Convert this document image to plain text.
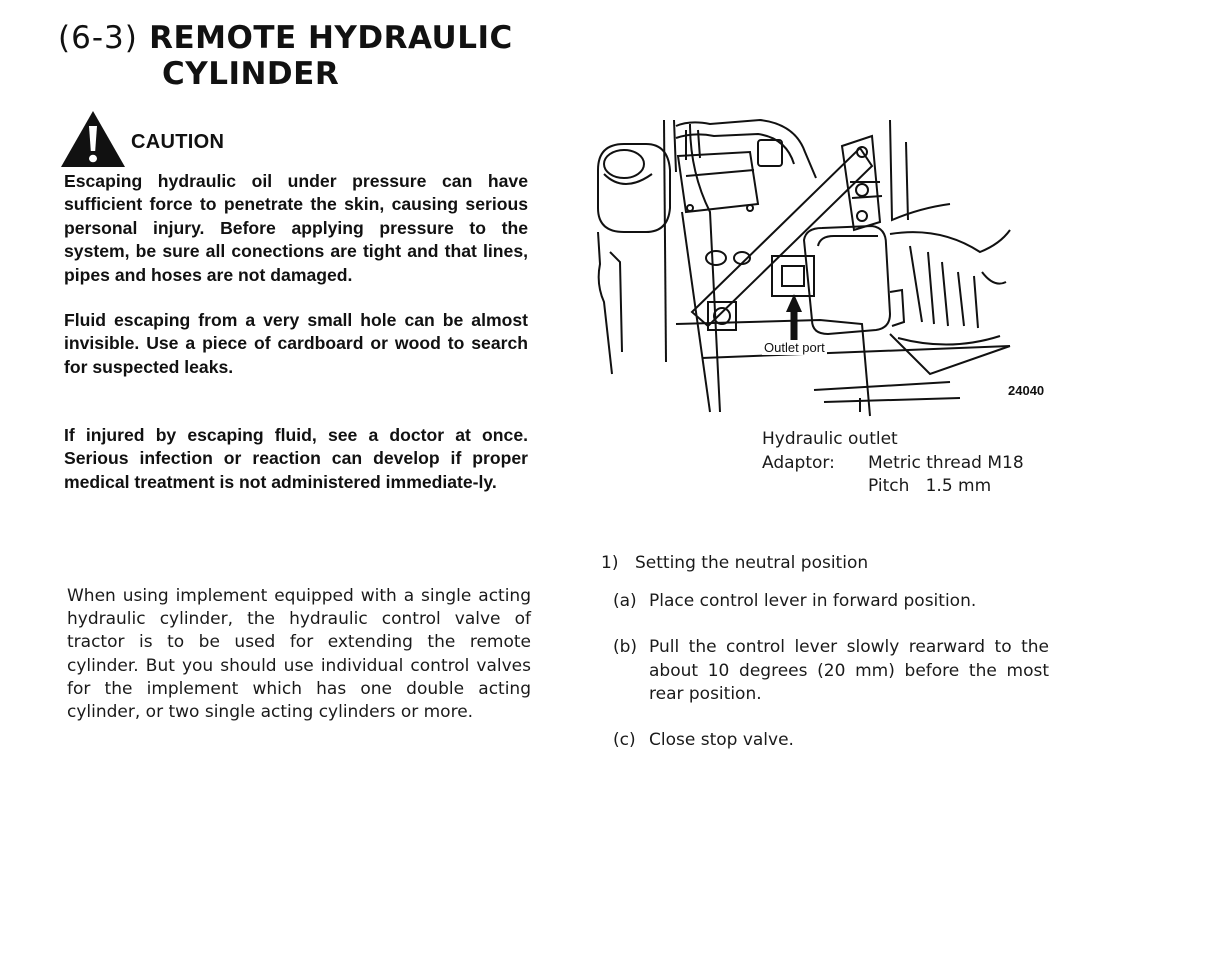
(6-3) REMOTE HYDRAULIC
CYLINDER
CAUTION
Escaping hydraulic oil under pressure can have sufficient force to penetrate the skin, causing serious personal injury. Before applying pressure to the system, be sure all conections are tight and that lines, pipes and hoses are not damaged.
Fluid escaping from a very small hole can be almost invisible. Use a piece of cardboard or wood to search for suspected leaks.
If injured by escaping fluid, see a doctor at once. Serious infection or reaction can develop if proper medical treatment is not administered immediate-ly.
When using implement equipped with a single acting hydraulic cylinder, the hydraulic control valve of tractor is to be used for extending the remote cylinder. But you should use individual control valves for the implement which has one double acting cylinder, or two single acting cylinders or more.
Outlet port
24040
Hydraulic outlet
Adaptor:	Metric thread M18
Pitch   1.5 mm
1) Setting the neutral position
(a) Place control lever in forward position.
(b) Pull the control lever slowly rearward to the about 10 degrees (20 mm) before the most rear position.
(c) Close stop valve.
